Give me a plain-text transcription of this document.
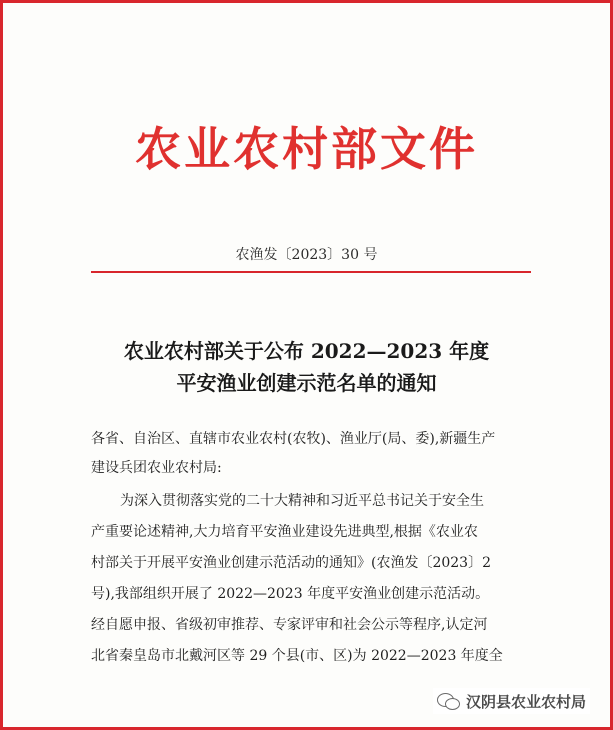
农业农村部文件
农渔发〔2023〕30 号
农业农村部关于公布 2022—2023 年度
平安渔业创建示范名单的通知
各省、自治区、直辖市农业农村(农牧)、渔业厅(局、委),新疆生产
建设兵团农业农村局:
为深入贯彻落实党的二十大精神和习近平总书记关于安全生
产重要论述精神,大力培育平安渔业建设先进典型,根据《农业农
村部关于开展平安渔业创建示范活动的通知》(农渔发〔2023〕2
号),我部组织开展了 2022—2023 年度平安渔业创建示范活动。
经自愿申报、省级初审推荐、专家评审和社会公示等程序,认定河
北省秦皇岛市北戴河区等 29 个县(市、区)为 2022—2023 年度全
汉阴县农业农村局
